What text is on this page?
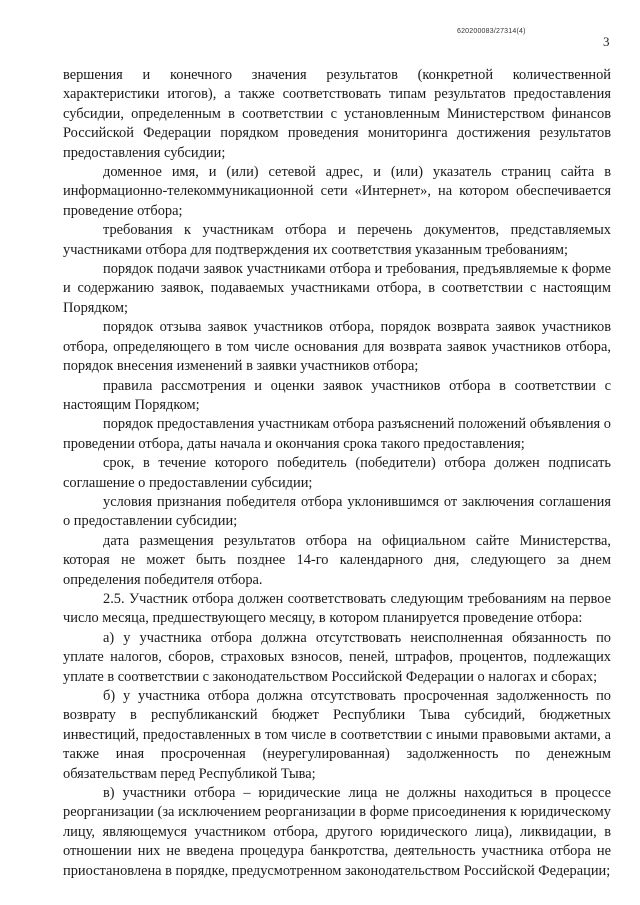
620200083/27314(4)
3

вершения и конечного значения результатов (конкретной количественной характеристики итогов), а также соответствовать типам результатов предоставления субсидии, определенным в соответствии с установленным Министерством финансов Российской Федерации порядком проведения мониторинга достижения результатов предоставления субсидии;

доменное имя, и (или) сетевой адрес, и (или) указатель страниц сайта в информационно-телекоммуникационной сети «Интернет», на котором обеспечивается проведение отбора;

требования к участникам отбора и перечень документов, представляемых участниками отбора для подтверждения их соответствия указанным требованиям;

порядок подачи заявок участниками отбора и требования, предъявляемые к форме и содержанию заявок, подаваемых участниками отбора, в соответствии с настоящим Порядком;

порядок отзыва заявок участников отбора, порядок возврата заявок участников отбора, определяющего в том числе основания для возврата заявок участников отбора, порядок внесения изменений в заявки участников отбора;

правила рассмотрения и оценки заявок участников отбора в соответствии с настоящим Порядком;

порядок предоставления участникам отбора разъяснений положений объявления о проведении отбора, даты начала и окончания срока такого предоставления;

срок, в течение которого победитель (победители) отбора должен подписать соглашение о предоставлении субсидии;

условия признания победителя отбора уклонившимся от заключения соглашения о предоставлении субсидии;

дата размещения результатов отбора на официальном сайте Министерства, которая не может быть позднее 14-го календарного дня, следующего за днем определения победителя отбора.

2.5. Участник отбора должен соответствовать следующим требованиям на первое число месяца, предшествующего месяцу, в котором планируется проведение отбора:

а) у участника отбора должна отсутствовать неисполненная обязанность по уплате налогов, сборов, страховых взносов, пеней, штрафов, процентов, подлежащих уплате в соответствии с законодательством Российской Федерации о налогах и сборах;

б) у участника отбора должна отсутствовать просроченная задолженность по возврату в республиканский бюджет Республики Тыва субсидий, бюджетных инвестиций, предоставленных в том числе в соответствии с иными правовыми актами, а также иная просроченная (неурегулированная) задолженность по денежным обязательствам перед Республикой Тыва;

в) участники отбора – юридические лица не должны находиться в процессе реорганизации (за исключением реорганизации в форме присоединения к юридическому лицу, являющемуся участником отбора, другого юридического лица), ликвидации, в отношении них не введена процедура банкротства, деятельность участника отбора не приостановлена в порядке, предусмотренном законодательством Российской Федерации;
